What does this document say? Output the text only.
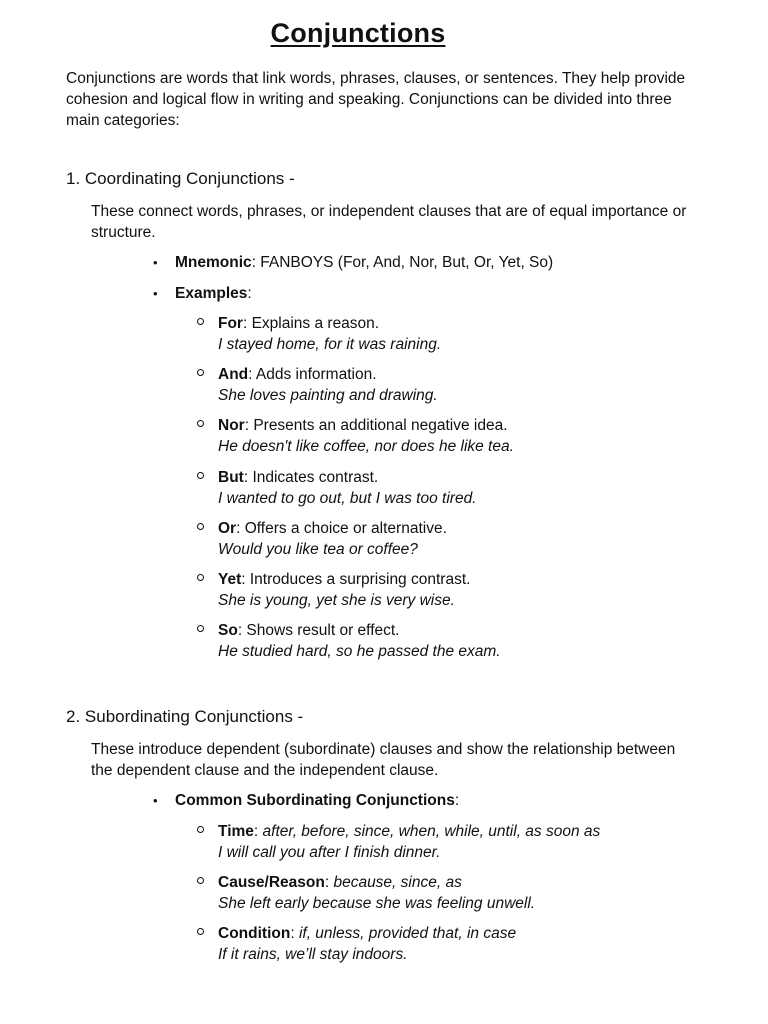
Conjunctions
Conjunctions are words that link words, phrases, clauses, or sentences. They help provide cohesion and logical flow in writing and speaking. Conjunctions can be divided into three main categories:
1. Coordinating Conjunctions -
These connect words, phrases, or independent clauses that are of equal importance or structure.
• Mnemonic: FANBOYS (For, And, Nor, But, Or, Yet, So)
• Examples:
For: Explains a reason.
I stayed home, for it was raining.
And: Adds information.
She loves painting and drawing.
Nor: Presents an additional negative idea.
He doesn't like coffee, nor does he like tea.
But: Indicates contrast.
I wanted to go out, but I was too tired.
Or: Offers a choice or alternative.
Would you like tea or coffee?
Yet: Introduces a surprising contrast.
She is young, yet she is very wise.
So: Shows result or effect.
He studied hard, so he passed the exam.
2. Subordinating Conjunctions -
These introduce dependent (subordinate) clauses and show the relationship between the dependent clause and the independent clause.
• Common Subordinating Conjunctions:
Time: after, before, since, when, while, until, as soon as
I will call you after I finish dinner.
Cause/Reason: because, since, as
She left early because she was feeling unwell.
Condition: if, unless, provided that, in case
If it rains, we’ll stay indoors.
